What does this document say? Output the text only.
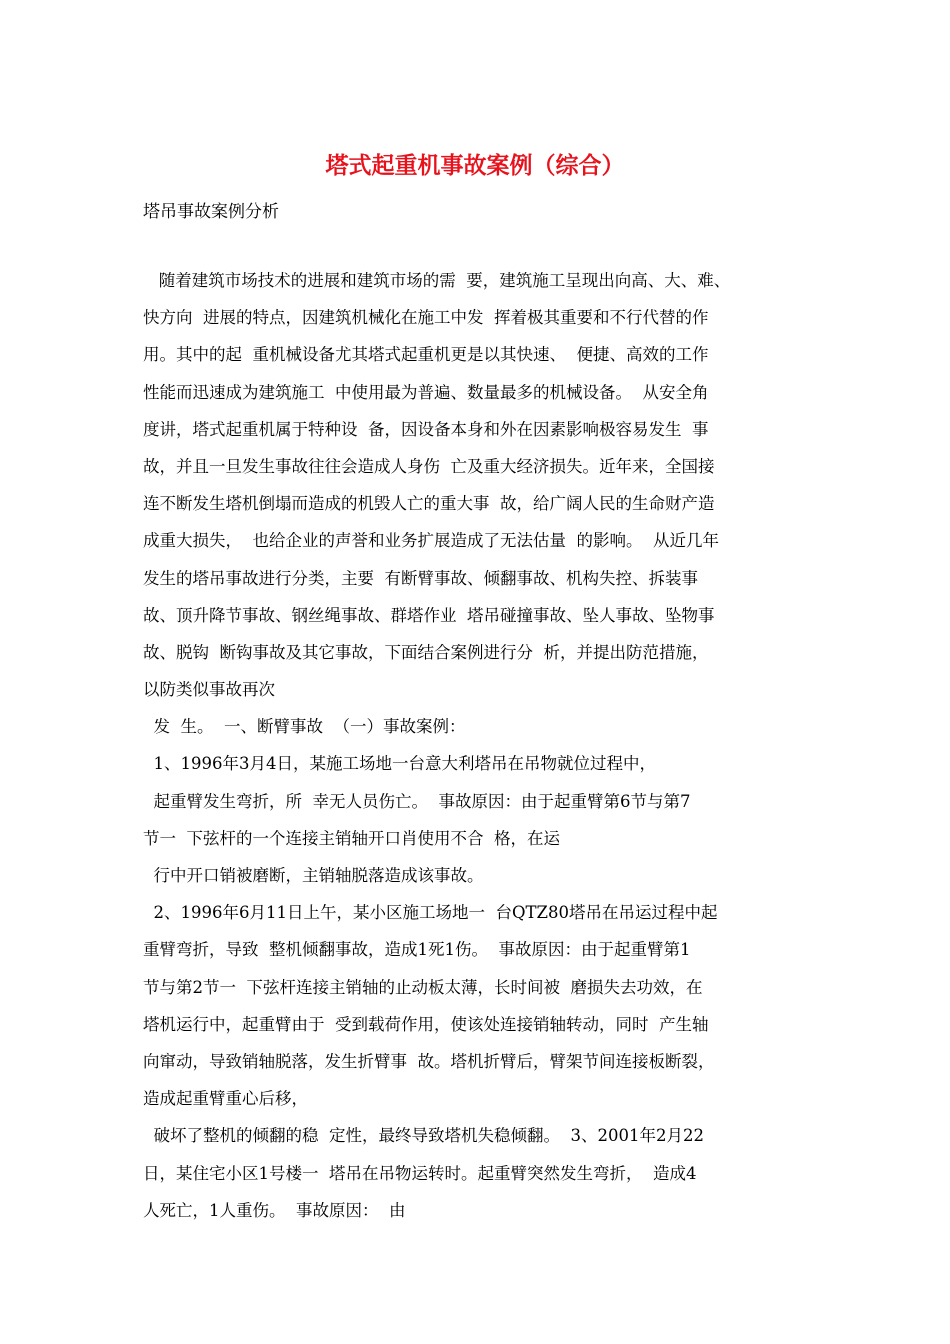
塔式起重机事故案例（综合）
塔吊事故案例分析
随着建筑市场技术的进展和建筑市场的需  要，建筑施工呈现出向高、大、难、
快方向  进展的特点，因建筑机械化在施工中发  挥着极其重要和不行代替的作
用。其中的起  重机械设备尤其塔式起重机更是以其快速、  便捷、高效的工作
性能而迅速成为建筑施工  中使用最为普遍、数量最多的机械设备。  从安全角
度讲，塔式起重机属于特种设  备，因设备本身和外在因素影响极容易发生  事
故，并且一旦发生事故往往会造成人身伤  亡及重大经济损失。近年来，全国接
连不断发生塔机倒塌而造成的机毁人亡的重大事  故，给广阔人民的生命财产造
成重大损失，  也给企业的声誉和业务扩展造成了无法估量  的影响。  从近几年
发生的塔吊事故进行分类，主要  有断臂事故、倾翻事故、机构失控、拆装事
故、顶升降节事故、钢丝绳事故、群塔作业  塔吊碰撞事故、坠人事故、坠物事
故、脱钩  断钩事故及其它事故，下面结合案例进行分  析，并提出防范措施，
以防类似事故再次
发  生。  一、断臂事故  （一）事故案例：
1、1996年3月4日，某施工场地一台意大利塔吊在吊物就位过程中，
起重臂发生弯折，所  幸无人员伤亡。  事故原因：由于起重臂第6节与第7
节一  下弦杆的一个连接主销轴开口肖使用不合  格，在运
行中开口销被磨断，主销轴脱落造成该事故。
2、1996年6月11日上午，某小区施工场地一  台QTZ80塔吊在吊运过程中起
重臂弯折，导致  整机倾翻事故，造成1死1伤。  事故原因：由于起重臂第1
节与第2节一  下弦杆连接主销轴的止动板太薄，长时间被  磨损失去功效，在
塔机运行中，起重臂由于  受到载荷作用，使该处连接销轴转动，同时  产生轴
向窜动，导致销轴脱落，发生折臂事  故。塔机折臂后，臂架节间连接板断裂，
造成起重臂重心后移，
破坏了整机的倾翻的稳  定性，最终导致塔机失稳倾翻。  3、2001年2月22
日，某住宅小区1号楼一  塔吊在吊物运转时。起重臂突然发生弯折，  造成4
人死亡，1人重伤。  事故原因：  由
